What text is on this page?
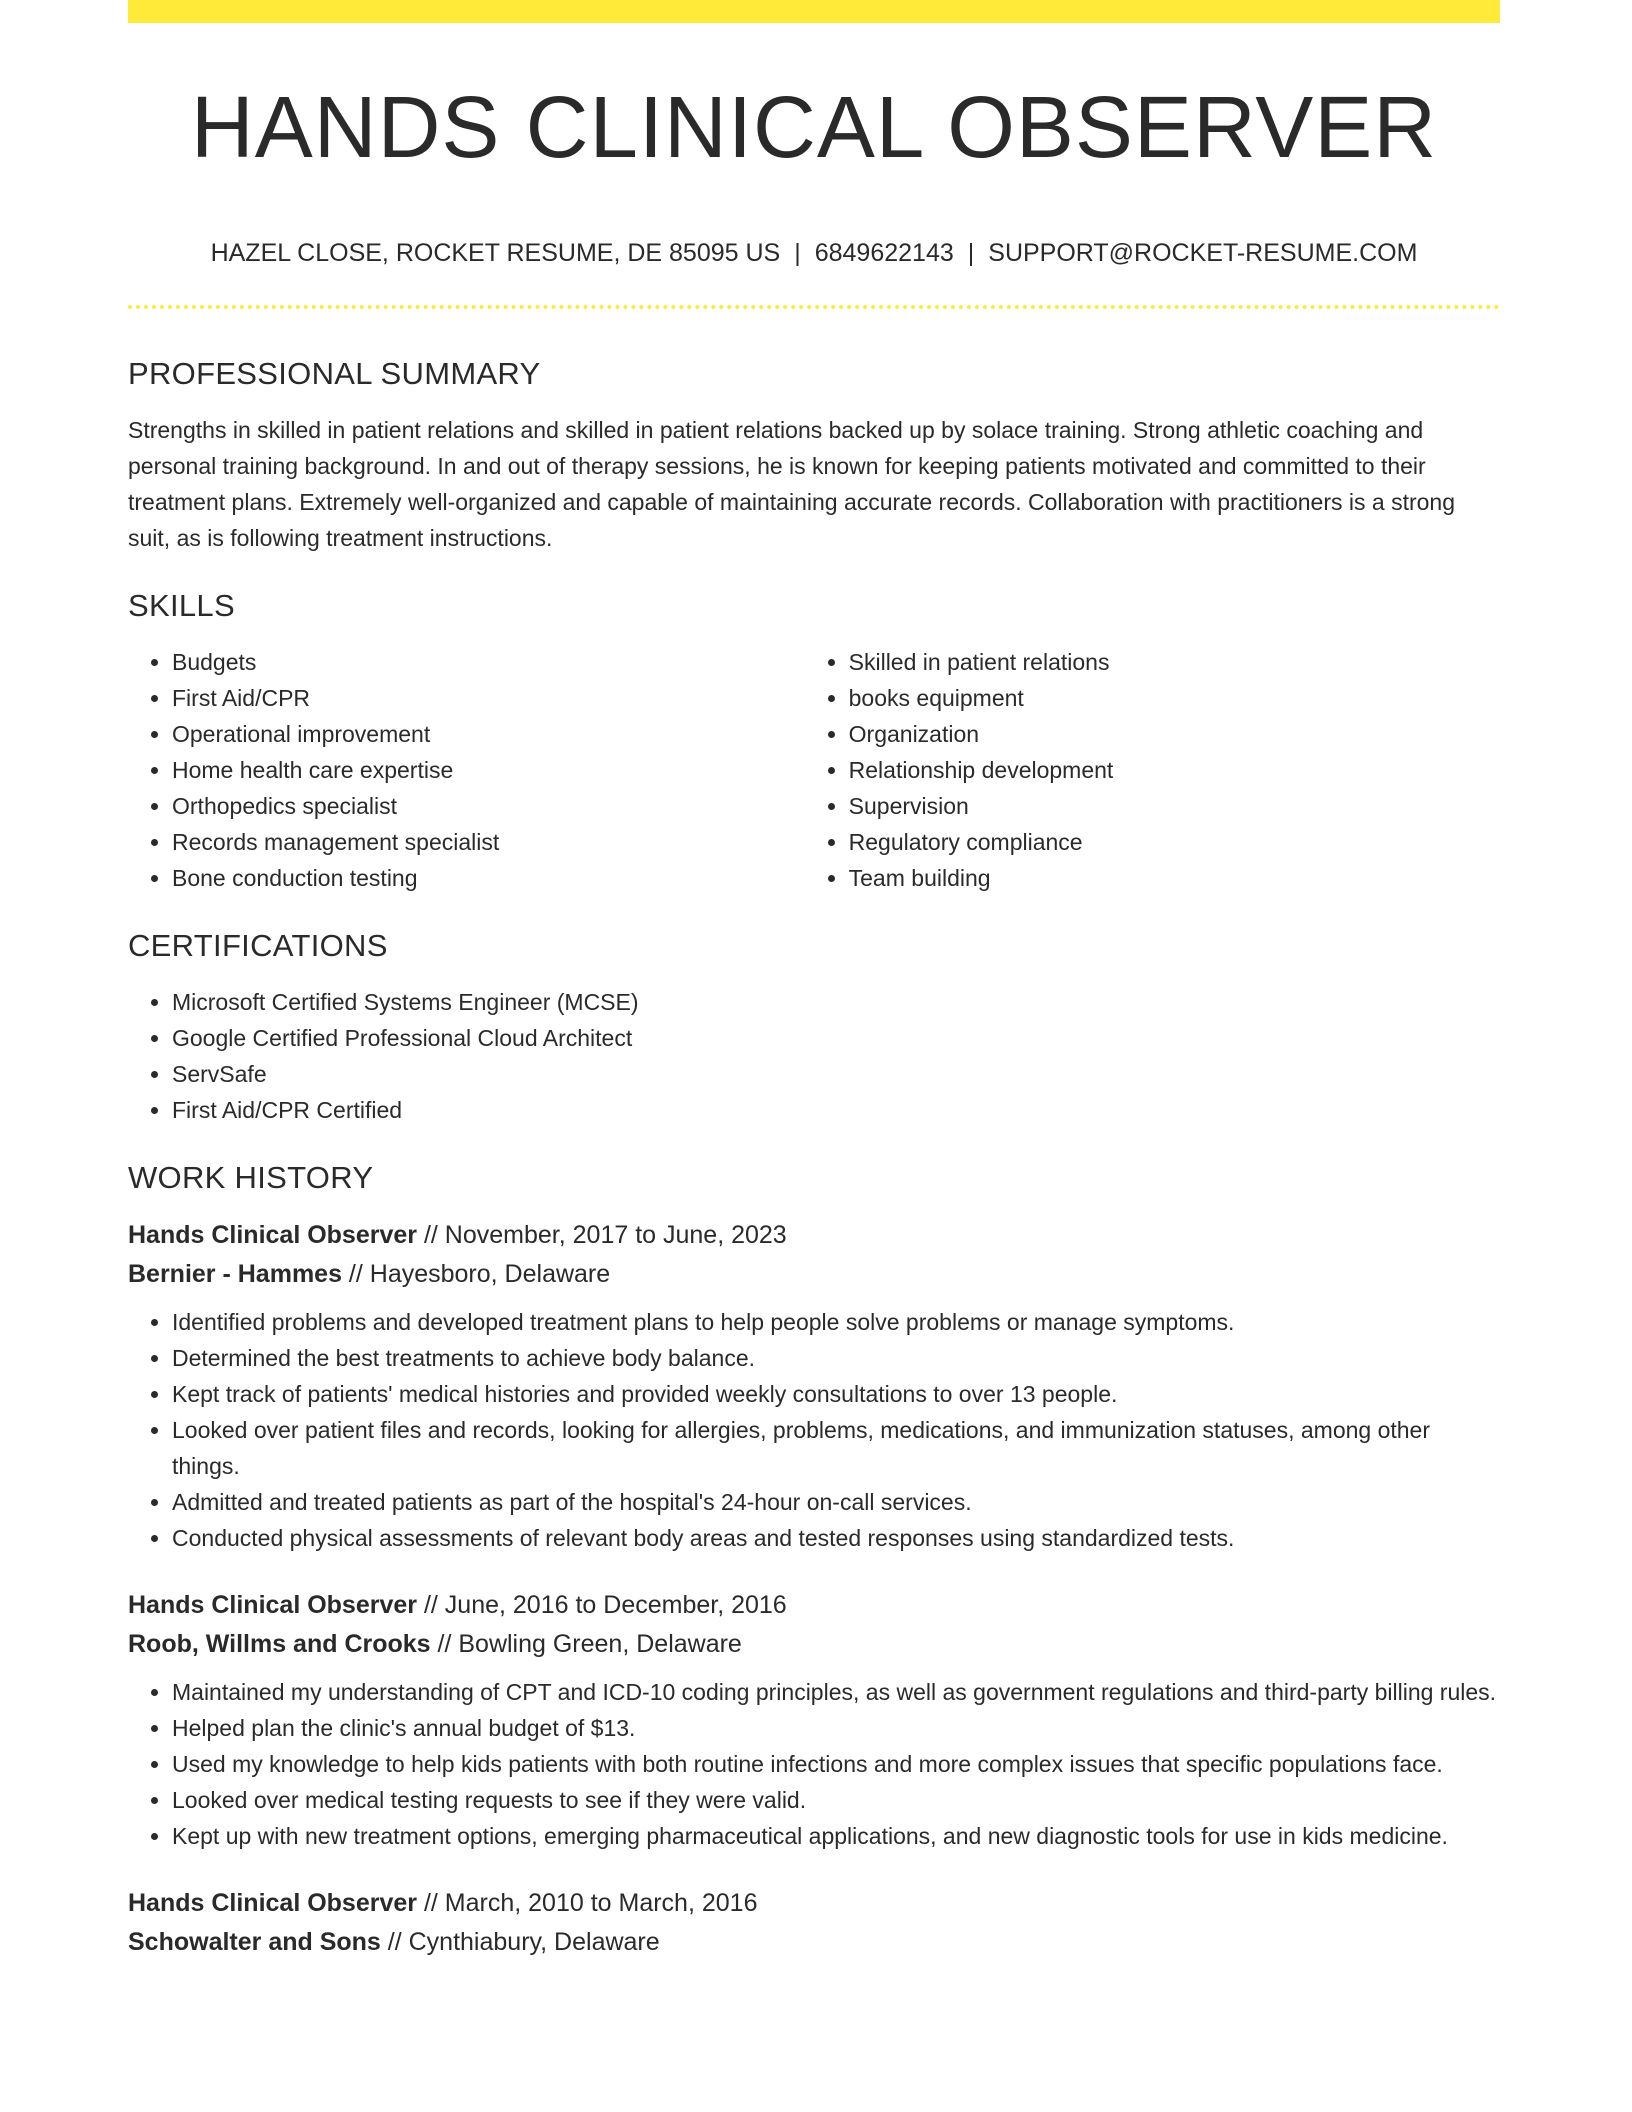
HANDS CLINICAL OBSERVER
HAZEL CLOSE, ROCKET RESUME, DE 85095 US | 6849622143 | SUPPORT@ROCKET-RESUME.COM
PROFESSIONAL SUMMARY

Strengths in skilled in patient relations and skilled in patient relations backed up by solace training. Strong athletic coaching and personal training background. In and out of therapy sessions, he is known for keeping patients motivated and committed to their treatment plans. Extremely well-organized and capable of maintaining accurate records. Collaboration with practitioners is a strong suit, as is following treatment instructions.

SKILLS
• Budgets
• First Aid/CPR
• Operational improvement
• Home health care expertise
• Orthopedics specialist
• Records management specialist
• Bone conduction testing
• Skilled in patient relations
• books equipment
• Organization
• Relationship development
• Supervision
• Regulatory compliance
• Team building
CERTIFICATIONS
• Microsoft Certified Systems Engineer (MCSE)
• Google Certified Professional Cloud Architect
• ServSafe
• First Aid/CPR Certified
WORK HISTORY
Hands Clinical Observer // November, 2017 to June, 2023
Bernier - Hammes // Hayesboro, Delaware
• Identified problems and developed treatment plans to help people solve problems or manage symptoms.
• Determined the best treatments to achieve body balance.
• Kept track of patients' medical histories and provided weekly consultations to over 13 people.
• Looked over patient files and records, looking for allergies, problems, medications, and immunization statuses, among other things.
• Admitted and treated patients as part of the hospital's 24-hour on-call services.
• Conducted physical assessments of relevant body areas and tested responses using standardized tests.
Hands Clinical Observer // June, 2016 to December, 2016
Roob, Willms and Crooks // Bowling Green, Delaware
• Maintained my understanding of CPT and ICD-10 coding principles, as well as government regulations and third-party billing rules.
• Helped plan the clinic's annual budget of $13.
• Used my knowledge to help kids patients with both routine infections and more complex issues that specific populations face.
• Looked over medical testing requests to see if they were valid.
• Kept up with new treatment options, emerging pharmaceutical applications, and new diagnostic tools for use in kids medicine.
Hands Clinical Observer // March, 2010 to March, 2016
Schowalter and Sons // Cynthiabury, Delaware
